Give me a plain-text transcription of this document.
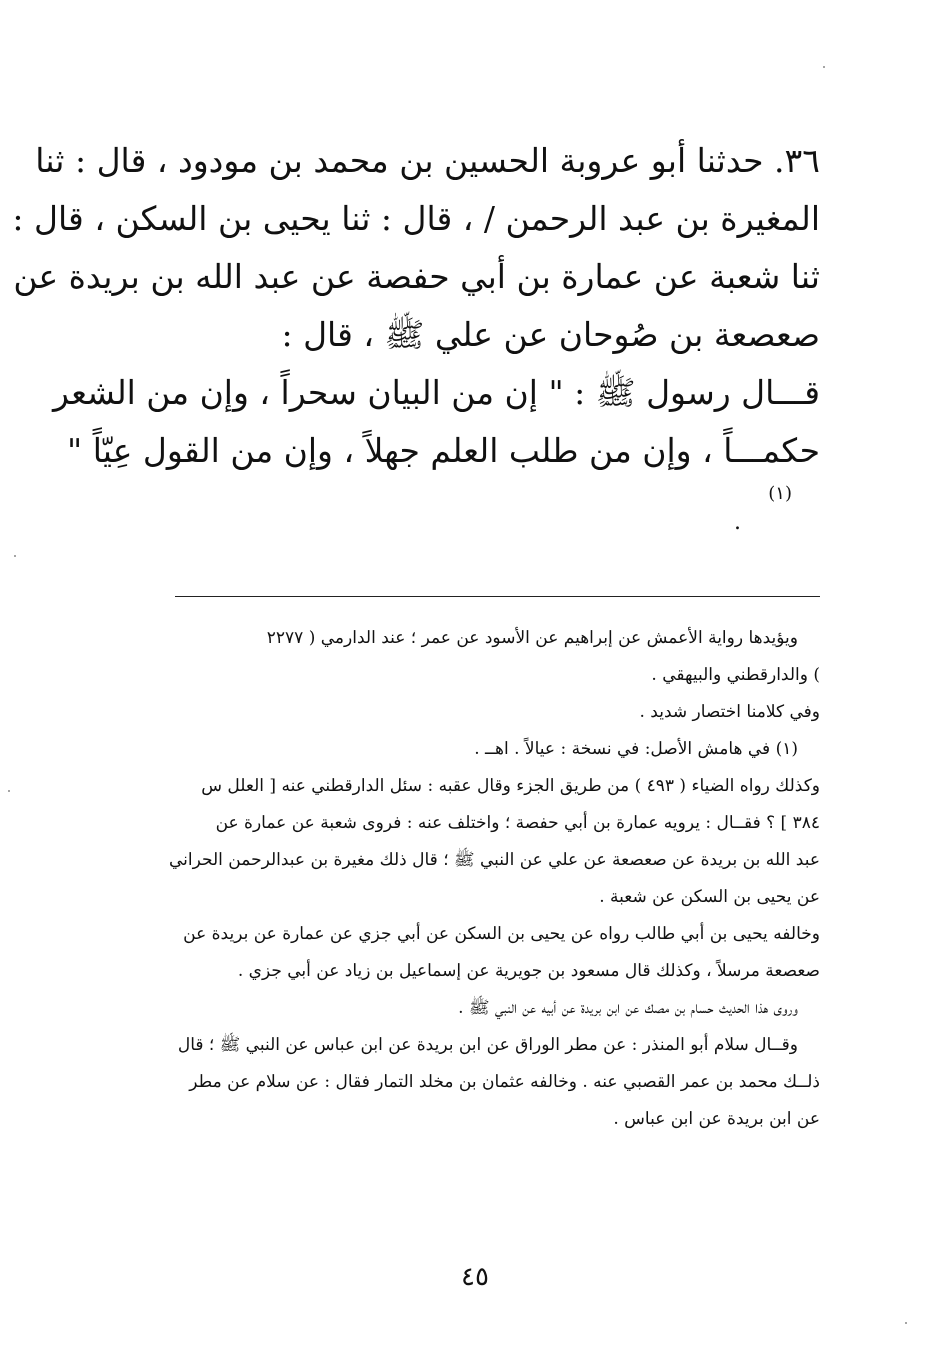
٣٦. حدثنا أبو عروبة الحسين بن محمد بن مودود ، قال : ثنا
المغيرة بن عبد الرحمن / ، قال : ثنا يحيى بن السكن ، قال :
ثنا شعبة عن عمارة بن أبي حفصة عن عبد الله بن بريدة عن
صعصعة بن صُوحان عن علي ﷺ ، قال :
قـــال رسول ﷺ : " إن من البيان سحراً ، وإن من الشعر
حكمـــاً ، وإن من طلب العلم جهلاً ، وإن من القول عِيّاً "
(١)
.
ويؤيدها رواية الأعمش عن إبراهيم عن الأسود عن عمر ؛ عند الدارمي ( ٢٢٧٧
) والدارقطني والبيهقي .
وفي كلامنا اختصار شديد .
(١) في هامش الأصل: في نسخة : عيالاً . اهــ .
وكذلك رواه الضياء ( ٤٩٣ ) من طريق الجزء وقال عقبه : سئل الدارقطني عنه [ العلل س
٣٨٤ ] ؟ فقــال : يرويه عمارة بن أبي حفصة ؛ واختلف عنه : فروى شعبة عن عمارة عن
عبد الله بن بريدة عن صعصعة عن علي عن النبي ﷺ ؛ قال ذلك مغيرة بن عبدالرحمن الحراني
عن يحيى بن السكن عن شعبة .
وخالفه يحيى بن أبي طالب رواه عن يحيى بن السكن عن أبي جزي عن عمارة عن بريدة عن
صعصعة مرسلاً ، وكذلك قال مسعود بن جويرية عن إسماعيل بن زياد عن أبي جزي .
وروى هذا الحديث حسام بن مصك عن ابن بريدة عن أبيه عن النبي ﷺ .
وقــال سلام أبو المنذر : عن مطر الوراق عن ابن بريدة عن ابن عباس عن النبي ﷺ ؛ قال
ذلــك محمد بن عمر القصبي عنه . وخالفه عثمان بن مخلد التمار فقال : عن سلام عن مطر
عن ابن بريدة عن ابن عباس .
٤٥
